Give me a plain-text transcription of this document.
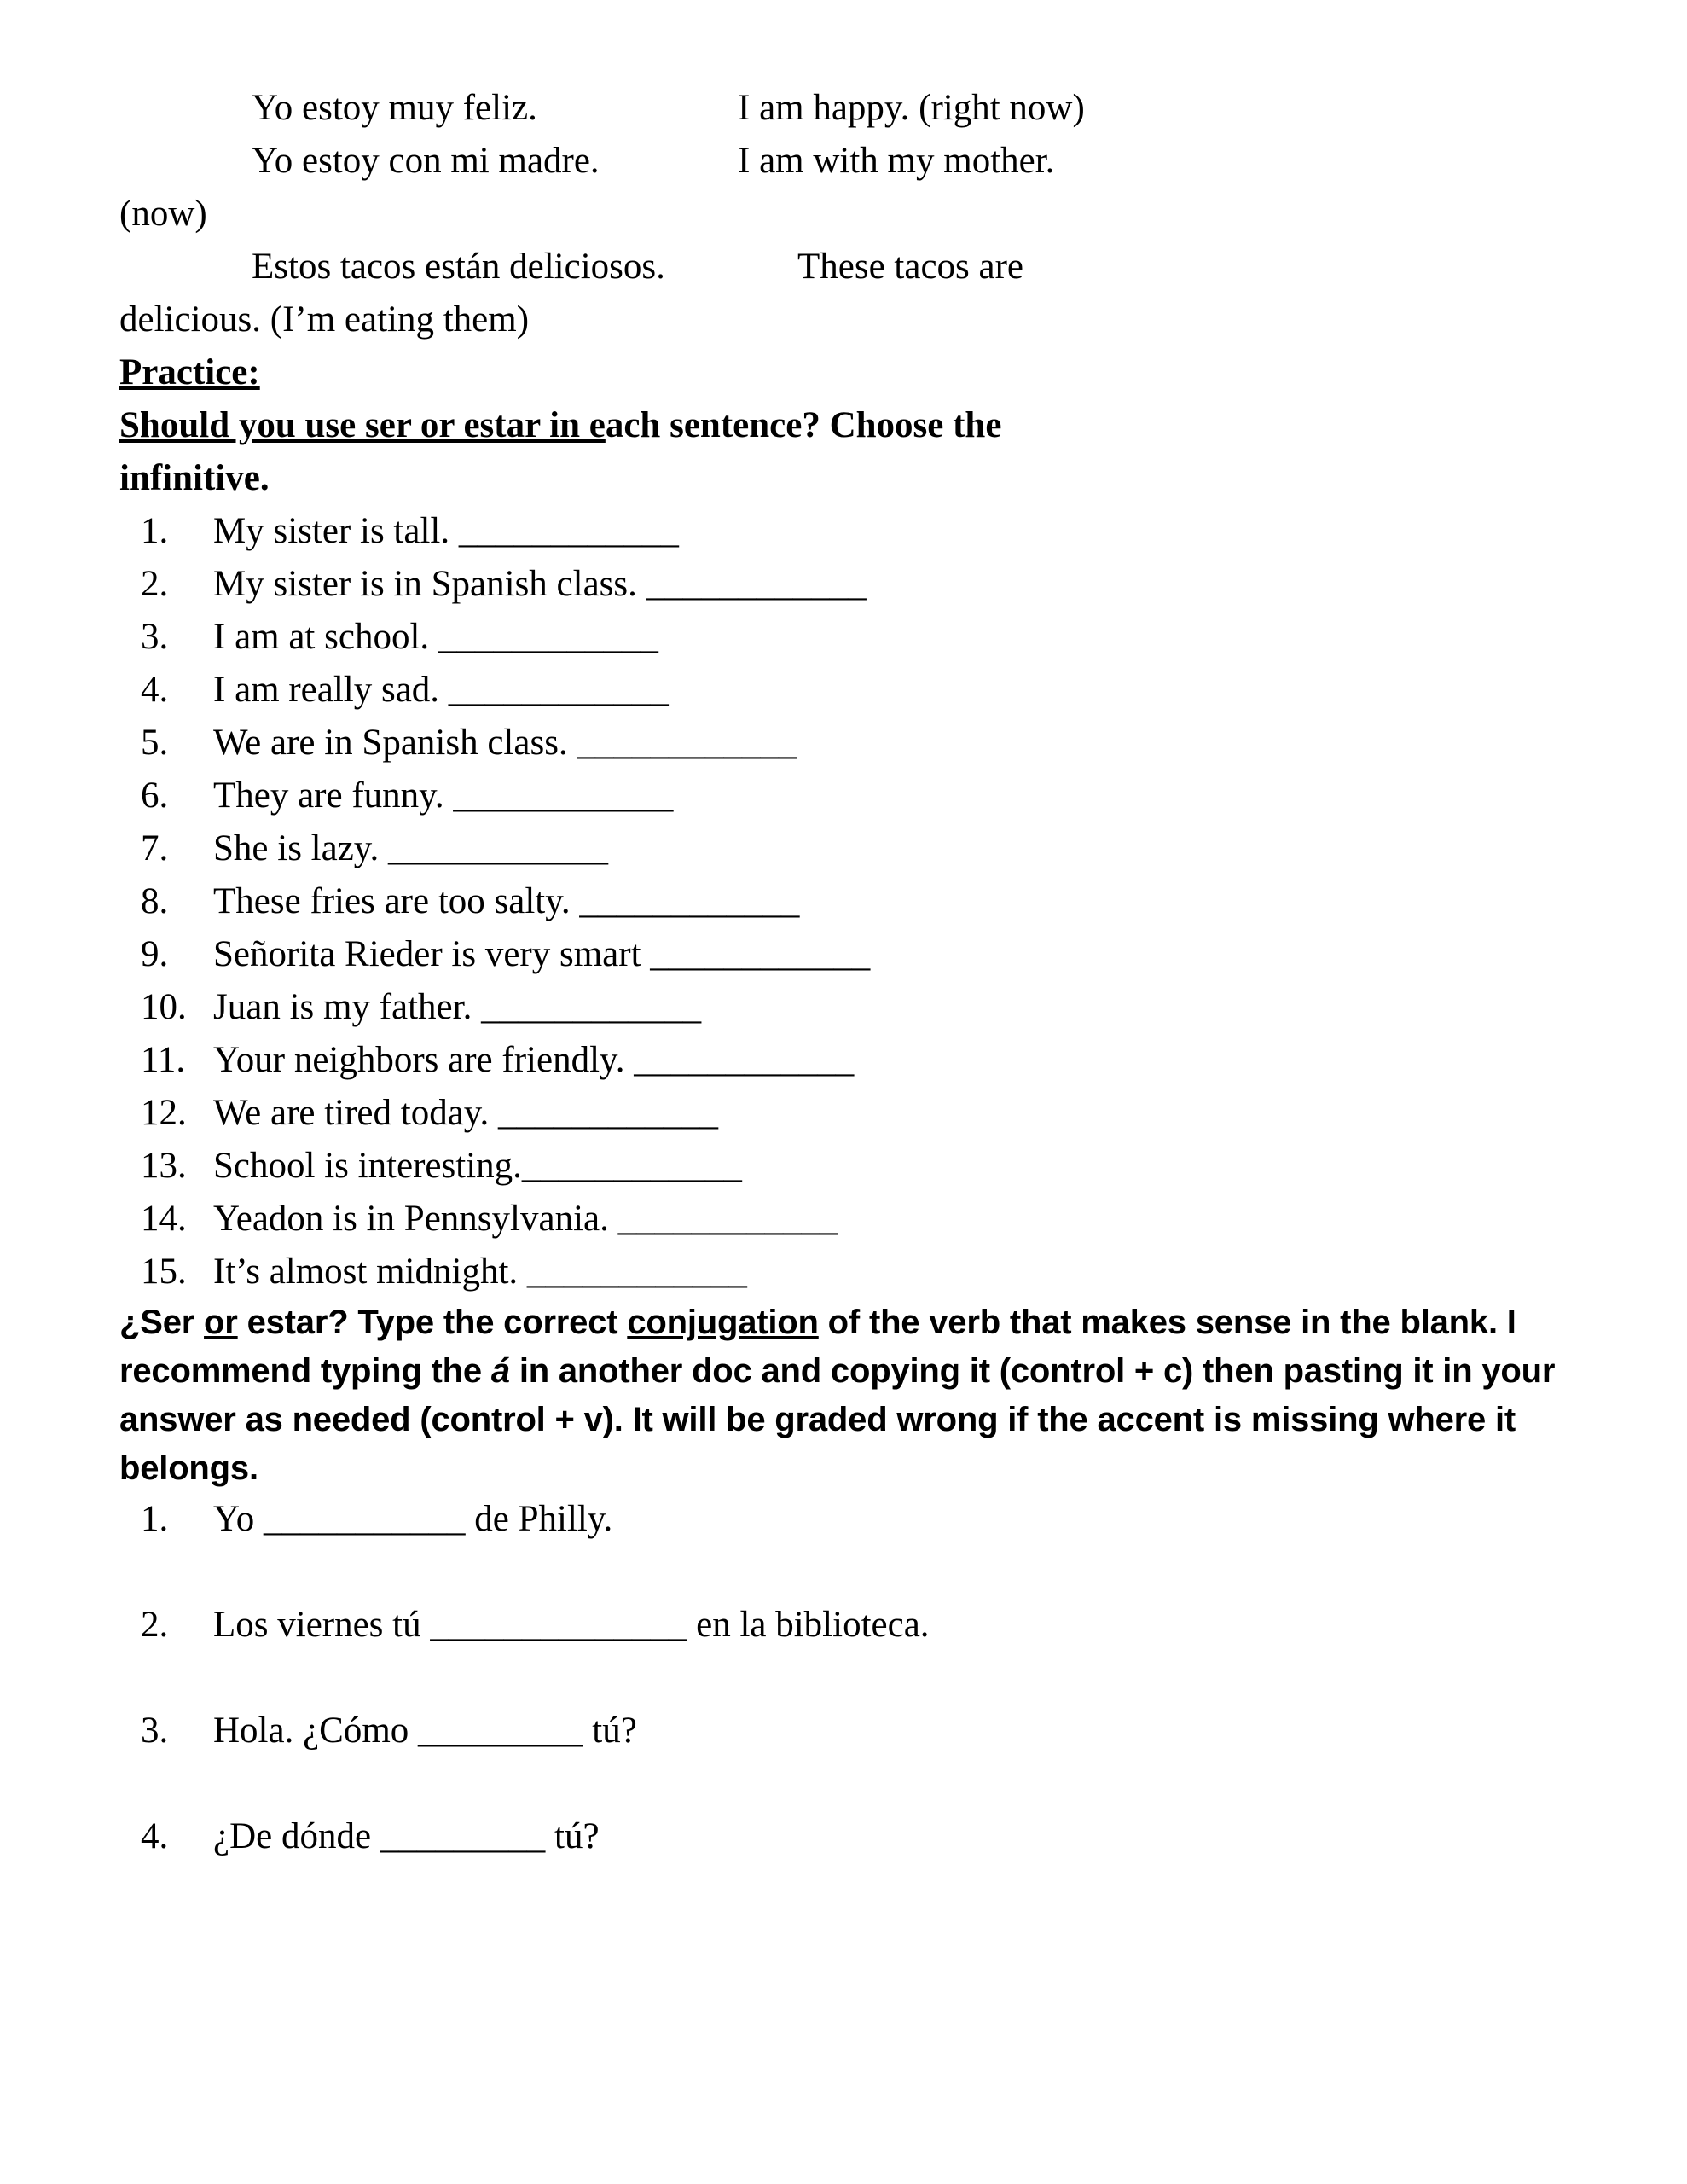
Yo estoy muy feliz.	I am happy. (right now)
Yo estoy con mi madre.	I am with my mother.
(now)
Estos tacos están deliciosos.	These tacos are
delicious. (I’m eating them)
Practice:
Should you use ser or estar in each sentence? Choose the
infinitive.
1.	My sister is tall. ____________
2.	My sister is in Spanish class. ____________
3.	I am at school. ____________
4.	I am really sad. ____________
5.	We are in Spanish class. ____________
6.	They are funny. ____________
7.	She is lazy. ____________
8.	These fries are too salty. ____________
9.	Señorita Rieder is very smart ____________
10. Juan is my father. ____________
11. Your neighbors are friendly. ____________
12. We are tired today. ____________
13. School is interesting.____________
14. Yeadon is in Pennsylvania. ____________
15. It’s almost midnight. ____________
¿Ser or estar? Type the correct conjugation of the verb that makes sense in the blank. I recommend typing the á in another doc and copying it (control + c) then pasting it in your answer as needed (control + v). It will be graded wrong if the accent is missing where it belongs.
1.	Yo ___________ de Philly.
2.	Los viernes tú ______________ en la biblioteca.
3.	Hola. ¿Cómo _________ tú?
4.	¿De dónde _________ tú?
